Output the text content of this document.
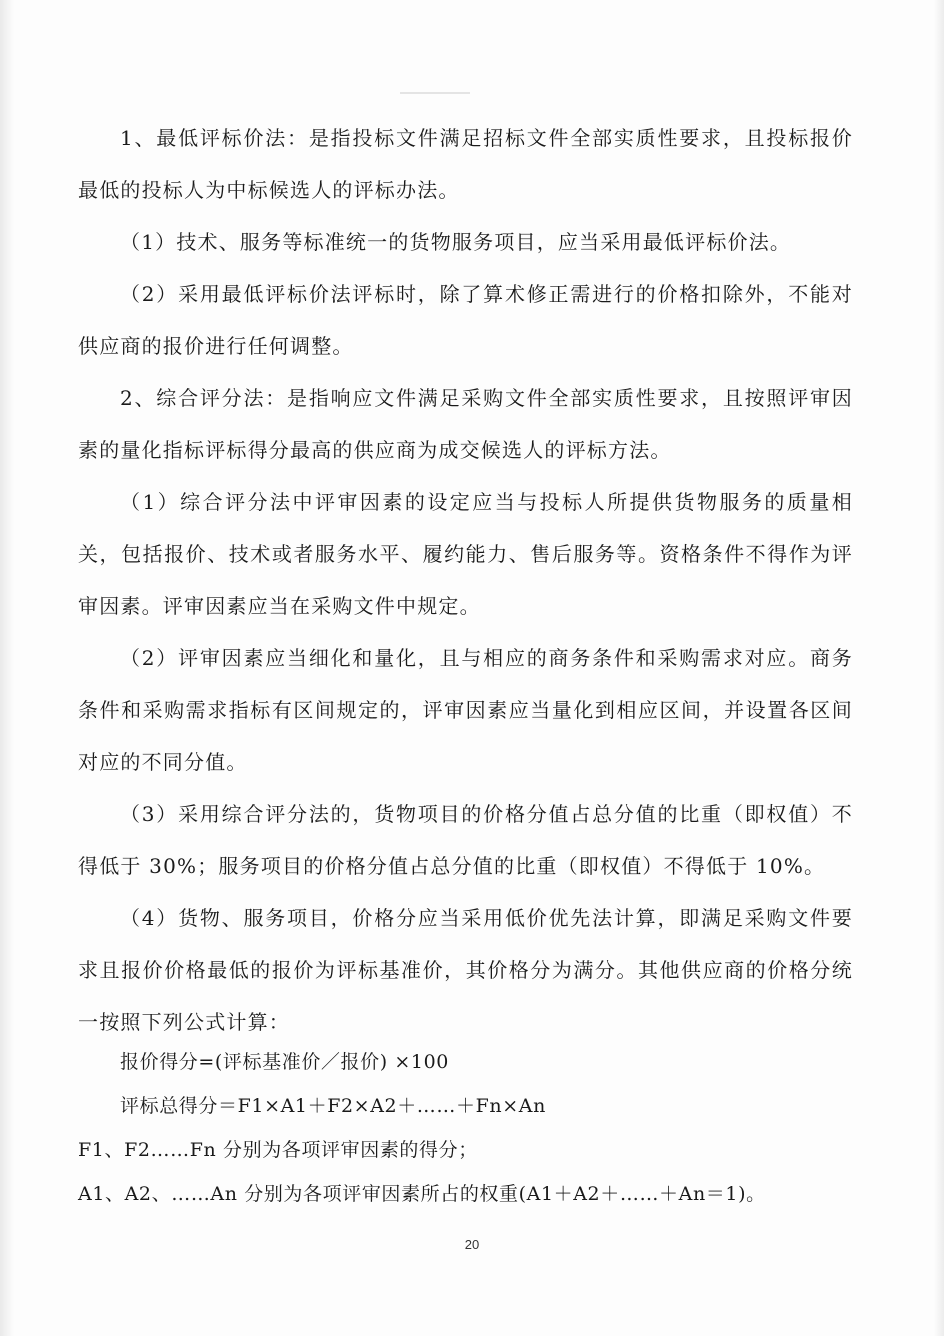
1、最低评标价法：是指投标文件满足招标文件全部实质性要求，且投标报价最低的投标人为中标候选人的评标办法。
（1）技术、服务等标准统一的货物服务项目，应当采用最低评标价法。
（2）采用最低评标价法评标时，除了算术修正需进行的价格扣除外，不能对供应商的报价进行任何调整。
2、综合评分法：是指响应文件满足采购文件全部实质性要求，且按照评审因素的量化指标评标得分最高的供应商为成交候选人的评标方法。
（1）综合评分法中评审因素的设定应当与投标人所提供货物服务的质量相关，包括报价、技术或者服务水平、履约能力、售后服务等。资格条件不得作为评审因素。评审因素应当在采购文件中规定。
（2）评审因素应当细化和量化，且与相应的商务条件和采购需求对应。商务条件和采购需求指标有区间规定的，评审因素应当量化到相应区间，并设置各区间对应的不同分值。
（3）采用综合评分法的，货物项目的价格分值占总分值的比重（即权值）不得低于 30%；服务项目的价格分值占总分值的比重（即权值）不得低于 10%。
（4）货物、服务项目，价格分应当采用低价优先法计算，即满足采购文件要求且报价价格最低的报价为评标基准价，其价格分为满分。其他供应商的价格分统一按照下列公式计算：
报价得分=(评标基准价／报价) ×100
评标总得分＝F1×A1＋F2×A2＋……＋Fn×An
F1、F2……Fn 分别为各项评审因素的得分；
A1、A2、……An 分别为各项评审因素所占的权重(A1＋A2＋……＋An＝1)。
20
